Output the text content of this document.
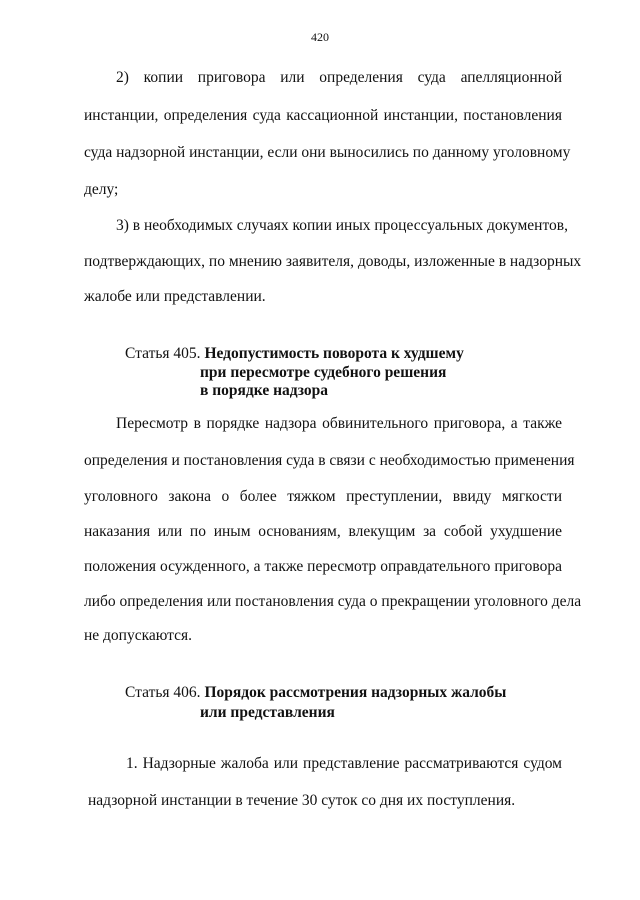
420
2) копии приговора или определения суда апелляционной
инстанции, определения суда кассационной инстанции, постановления
суда надзорной инстанции, если они выносились по данному уголовному
делу;
3) в необходимых случаях копии иных процессуальных документов,
подтверждающих, по мнению заявителя, доводы, изложенные в надзорных
жалобе или представлении.
Статья 405. Недопустимость поворота к худшему
при пересмотре судебного решения
в порядке надзора
Пересмотр в порядке надзора обвинительного приговора, а также
определения и постановления суда в связи с необходимостью применения
уголовного закона о более тяжком преступлении, ввиду мягкости
наказания или по иным основаниям, влекущим за собой ухудшение
положения осужденного, а также пересмотр оправдательного приговора
либо определения или постановления суда о прекращении уголовного дела
не допускаются.
Статья 406. Порядок рассмотрения надзорных жалобы
или представления
1. Надзорные жалоба или представление рассматриваются судом
надзорной инстанции в течение 30 суток со дня их поступления.
